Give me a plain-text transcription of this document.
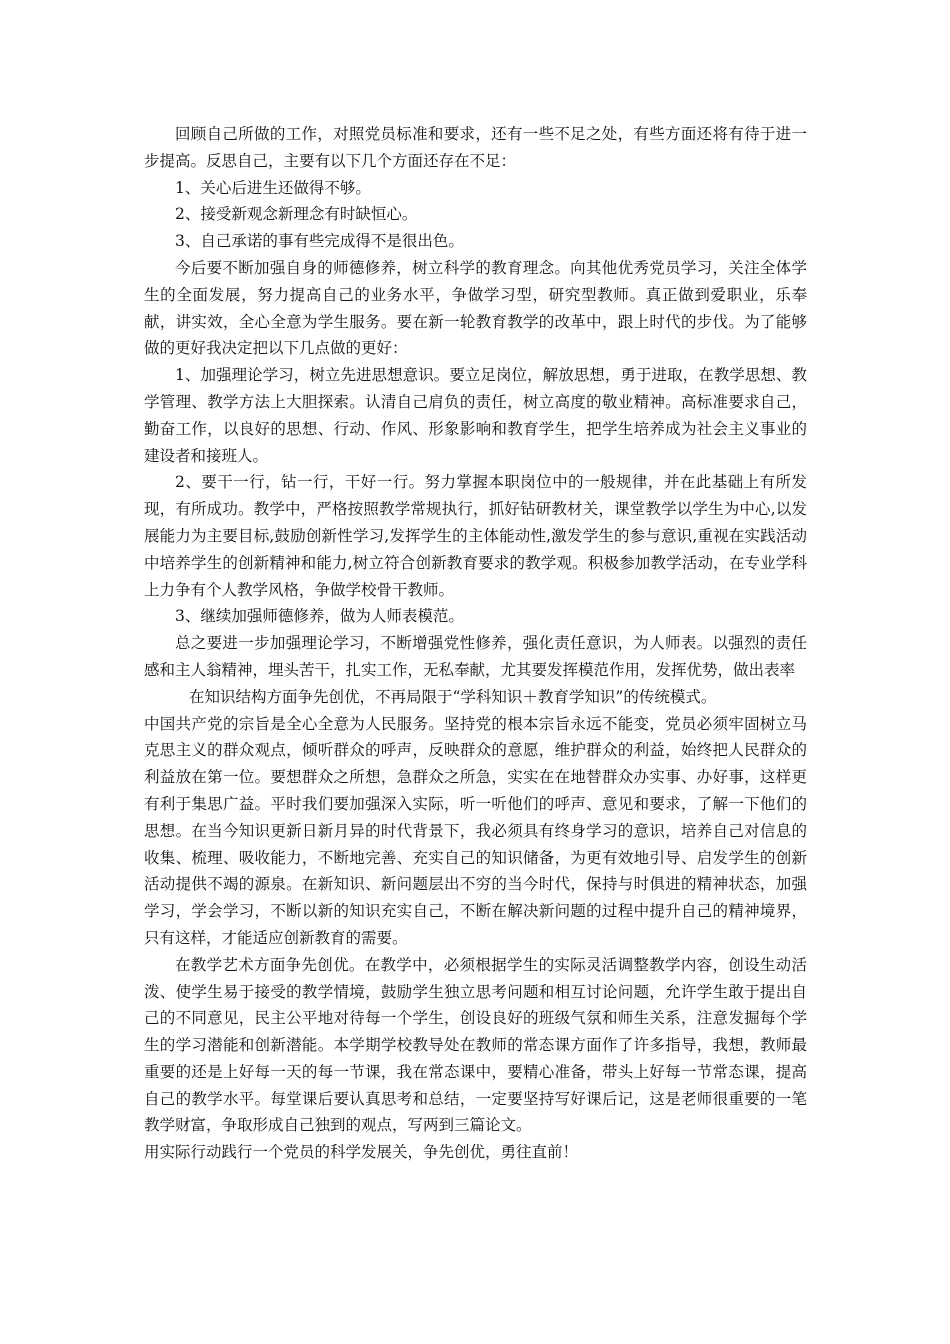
回顾自己所做的工作，对照党员标准和要求，还有一些不足之处，有些方面还将有待于进一步提高。反思自己，主要有以下几个方面还存在不足：

1、关心后进生还做得不够。

2、接受新观念新理念有时缺恒心。

3、自己承诺的事有些完成得不是很出色。

今后要不断加强自身的师德修养，树立科学的教育理念。向其他优秀党员学习，关注全体学生的全面发展，努力提高自己的业务水平，争做学习型，研究型教师。真正做到爱职业，乐奉献，讲实效，全心全意为学生服务。要在新一轮教育教学的改革中，跟上时代的步伐。为了能够做的更好我决定把以下几点做的更好：

1、加强理论学习，树立先进思想意识。要立足岗位，解放思想，勇于进取，在教学思想、教学管理、教学方法上大胆探索。认清自己肩负的责任，树立高度的敬业精神。高标准要求自己，勤奋工作，以良好的思想、行动、作风、形象影响和教育学生，把学生培养成为社会主义事业的建设者和接班人。

2、要干一行，钻一行，干好一行。努力掌握本职岗位中的一般规律，并在此基础上有所发现，有所成功。教学中，严格按照教学常规执行，抓好钻研教材关，课堂教学以学生为中心,以发展能力为主要目标,鼓励创新性学习,发挥学生的主体能动性,激发学生的参与意识,重视在实践活动中培养学生的创新精神和能力,树立符合创新教育要求的教学观。积极参加教学活动，在专业学科上力争有个人教学风格，争做学校骨干教师。

3、继续加强师德修养，做为人师表模范。

总之要进一步加强理论学习，不断增强党性修养，强化责任意识，为人师表。以强烈的责任感和主人翁精神，埋头苦干，扎实工作，无私奉献，尤其要发挥模范作用，发挥优势，做出表率

在知识结构方面争先创优，不再局限于“学科知识＋教育学知识”的传统模式。

中国共产党的宗旨是全心全意为人民服务。坚持党的根本宗旨永远不能变，党员必须牢固树立马克思主义的群众观点，倾听群众的呼声，反映群众的意愿，维护群众的利益，始终把人民群众的利益放在第一位。要想群众之所想，急群众之所急，实实在在地替群众办实事、办好事，这样更有利于集思广益。平时我们要加强深入实际，听一听他们的呼声、意见和要求，了解一下他们的思想。在当今知识更新日新月异的时代背景下，我必须具有终身学习的意识，培养自己对信息的收集、梳理、吸收能力，不断地完善、充实自己的知识储备，为更有效地引导、启发学生的创新活动提供不竭的源泉。在新知识、新问题层出不穷的当今时代，保持与时俱进的精神状态，加强学习，学会学习，不断以新的知识充实自己，不断在解决新问题的过程中提升自己的精神境界，只有这样，才能适应创新教育的需要。

在教学艺术方面争先创优。在教学中，必须根据学生的实际灵活调整教学内容，创设生动活泼、使学生易于接受的教学情境，鼓励学生独立思考问题和相互讨论问题，允许学生敢于提出自己的不同意见，民主公平地对待每一个学生，创设良好的班级气氛和师生关系，注意发掘每个学生的学习潜能和创新潜能。本学期学校教导处在教师的常态课方面作了许多指导，我想，教师最重要的还是上好每一天的每一节课，我在常态课中，要精心准备，带头上好每一节常态课，提高自己的教学水平。每堂课后要认真思考和总结，一定要坚持写好课后记，这是老师很重要的一笔教学财富，争取形成自己独到的观点，写两到三篇论文。

用实际行动践行一个党员的科学发展关，争先创优，勇往直前！
